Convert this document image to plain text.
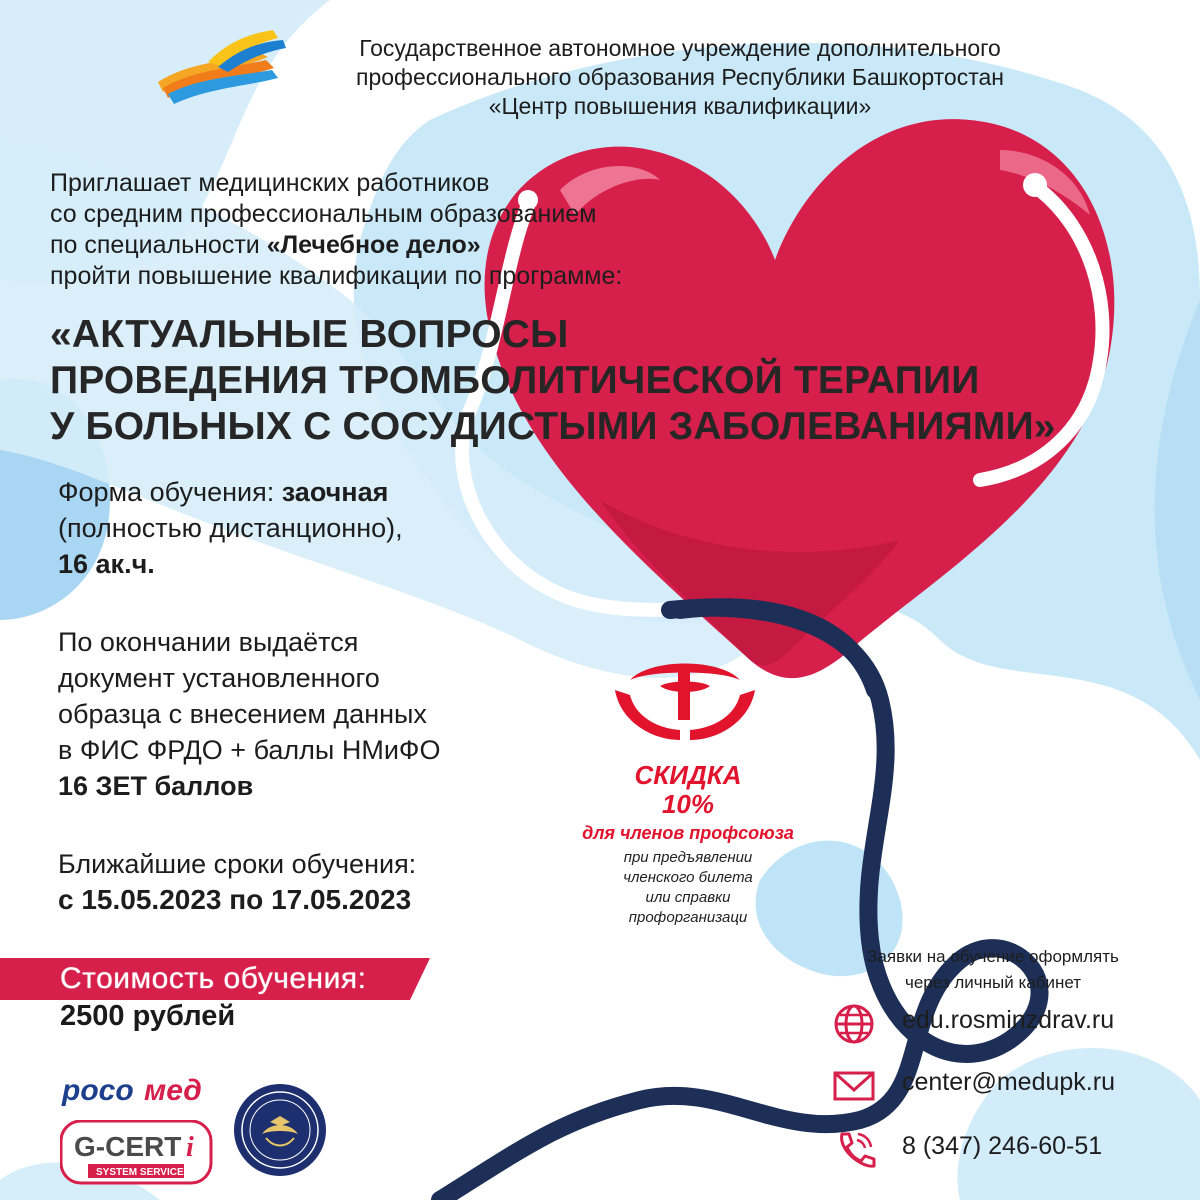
Государственное автономное учреждение дополнительного
профессионального образования Республики Башкортостан
«Центр повышения квалификации»
Приглашает медицинских работников
со средним профессиональным образованием
по специальности «Лечебное дело»
пройти повышение квалификации по программе:
«АКТУАЛЬНЫЕ ВОПРОСЫ
ПРОВЕДЕНИЯ ТРОМБОЛИТИЧЕСКОЙ ТЕРАПИИ
У БОЛЬНЫХ С СОСУДИСТЫМИ ЗАБОЛЕВАНИЯМИ»
Форма обучения: заочная
(полностью дистанционно),
16 ак.ч.
По окончании выдаётся
документ установленного
образца с внесением данных
в ФИС ФРДО + баллы НМиФО
16 ЗЕТ баллов
Ближайшие сроки обучения:
с 15.05.2023 по 17.05.2023
Стоимость обучения:
2500 рублей
СКИДКА
10%
для членов профсоюза
при предъявлении
членского билета
или справки
профорганизаци
Заявки на обучение оформлять
через личный кабинет
edu.rosminzdrav.ru
center@medupk.ru
8 (347) 246-60-51
росо мед
G-CERT i
SYSTEM SERVICE
